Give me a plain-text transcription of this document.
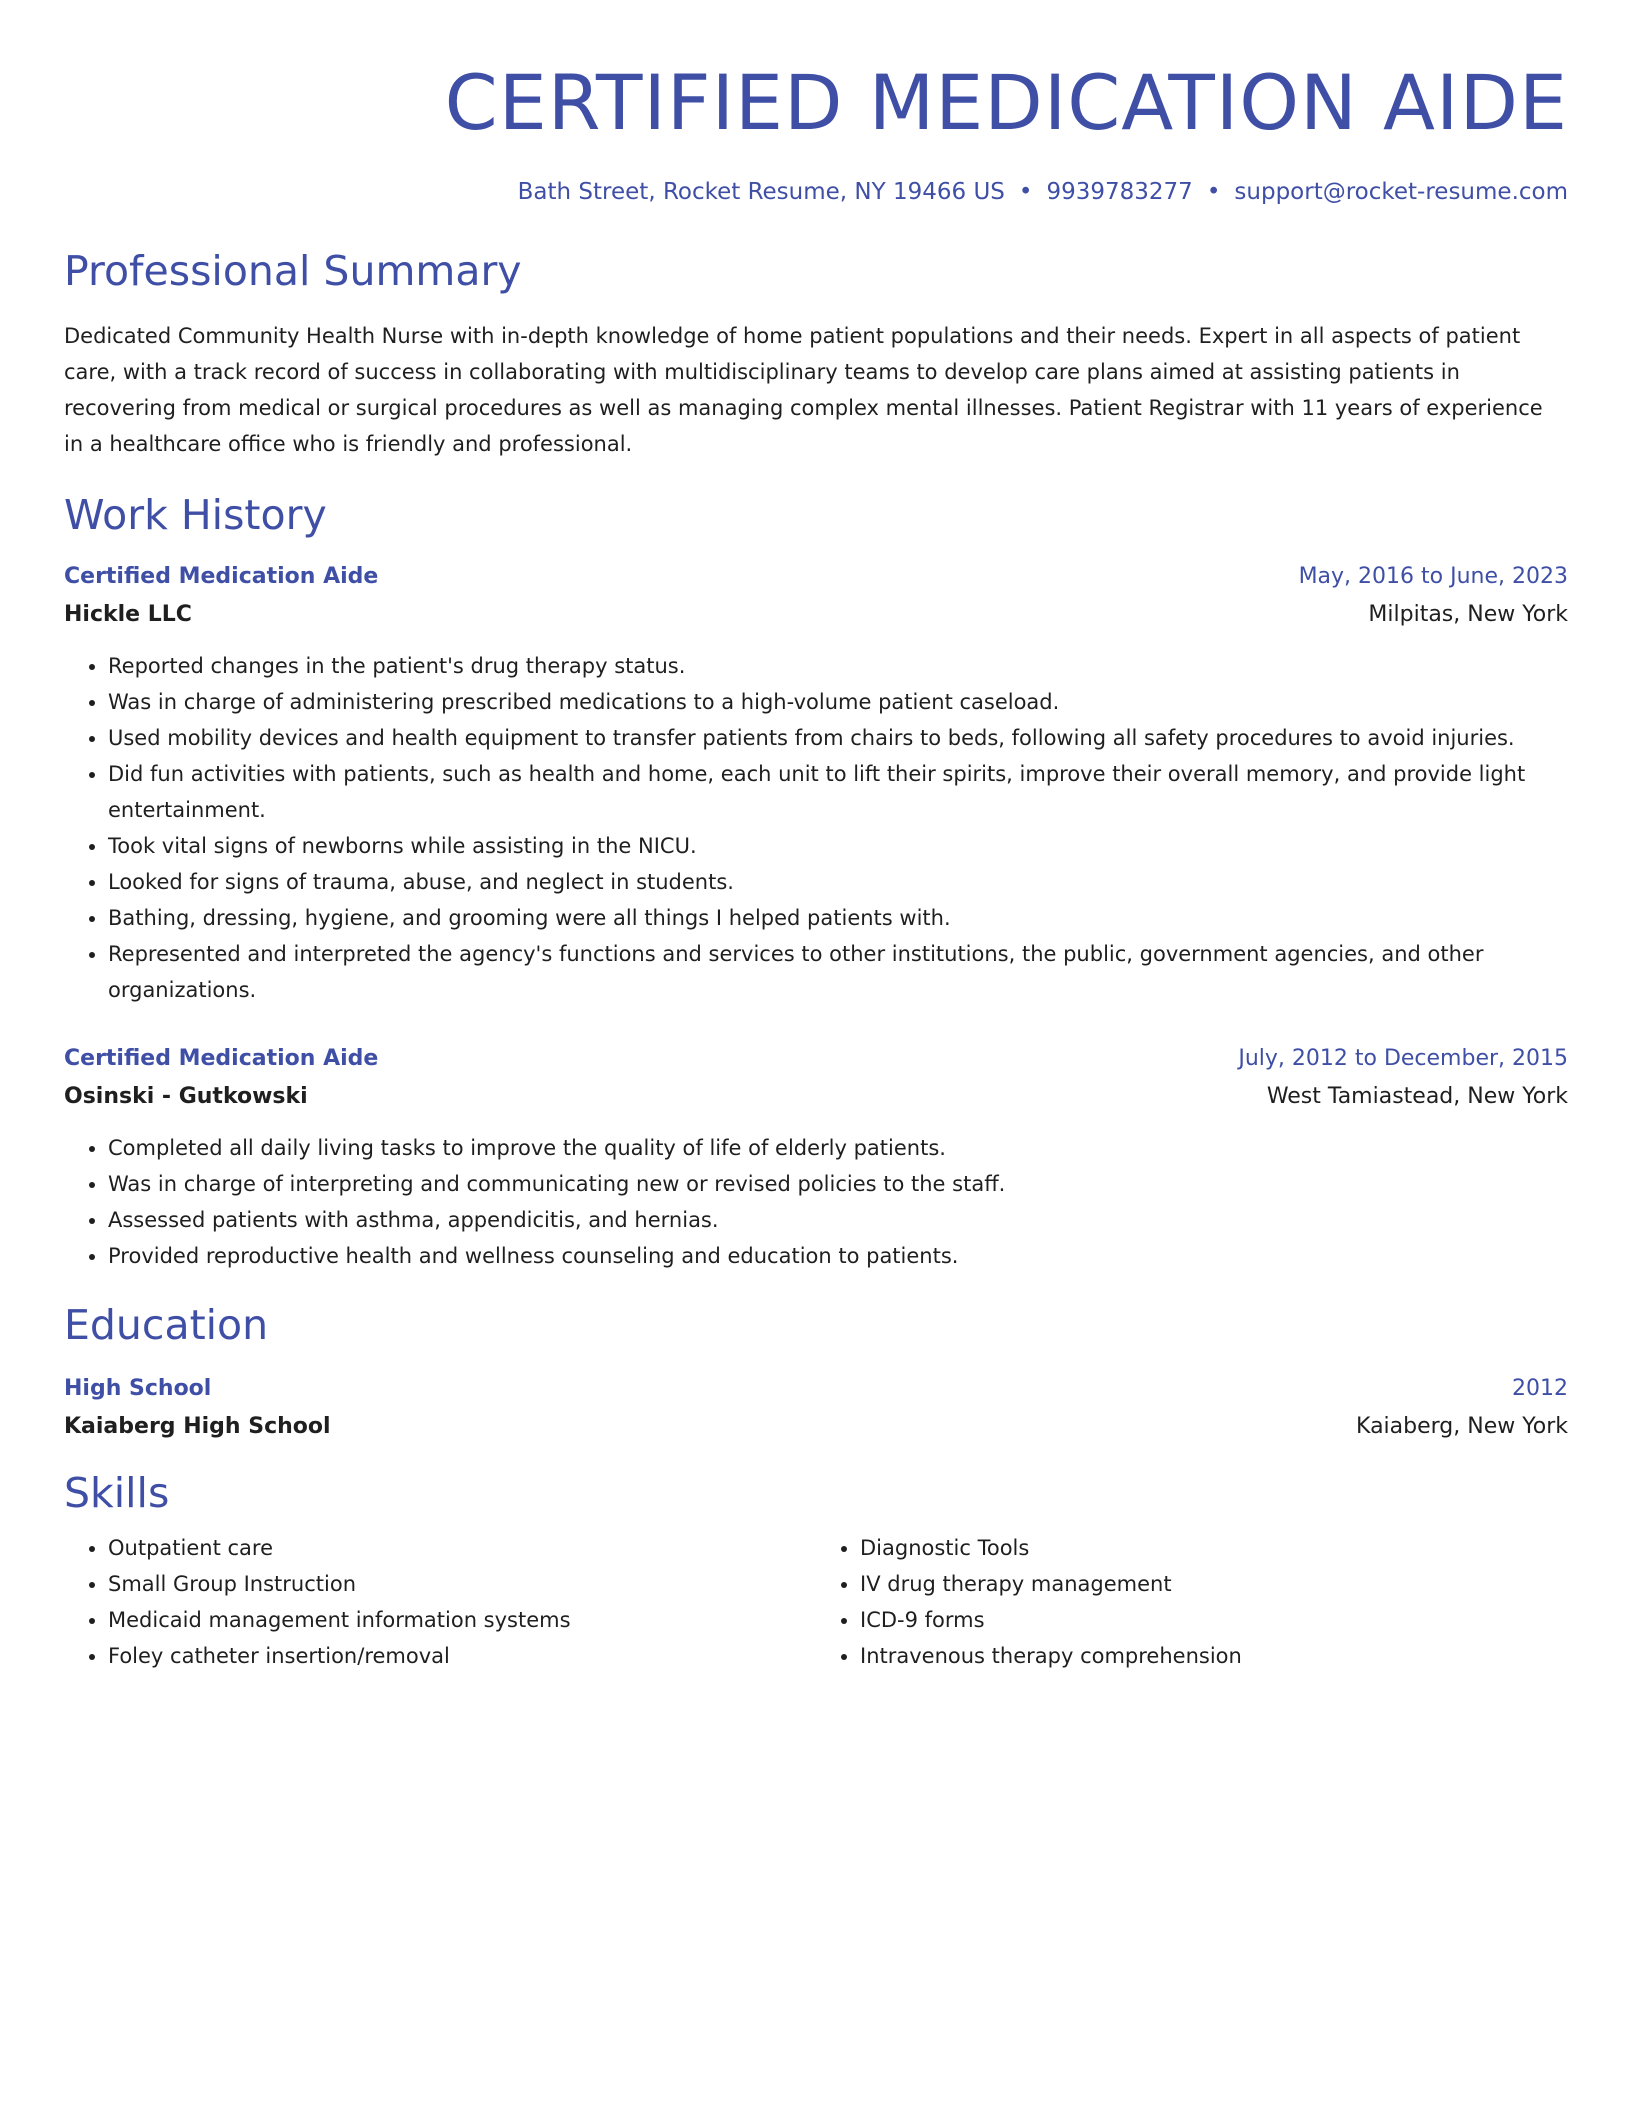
CERTIFIED MEDICATION AIDE
Bath Street, Rocket Resume, NY 19466 US • 9939783277 • support@rocket-resume.com
Professional Summary

Dedicated Community Health Nurse with in-depth knowledge of home patient populations and their needs. Expert in all aspects of patient care, with a track record of success in collaborating with multidisciplinary teams to develop care plans aimed at assisting patients in recovering from medical or surgical procedures as well as managing complex mental illnesses. Patient Registrar with 11 years of experience in a healthcare office who is friendly and professional.

Work History
Certified Medication Aide	May, 2016 to June, 2023
Hickle LLC	Milpitas, New York
• Reported changes in the patient's drug therapy status.
• Was in charge of administering prescribed medications to a high-volume patient caseload.
• Used mobility devices and health equipment to transfer patients from chairs to beds, following all safety procedures to avoid injuries.
• Did fun activities with patients, such as health and home, each unit to lift their spirits, improve their overall memory, and provide light entertainment.
• Took vital signs of newborns while assisting in the NICU.
• Looked for signs of trauma, abuse, and neglect in students.
• Bathing, dressing, hygiene, and grooming were all things I helped patients with.
• Represented and interpreted the agency's functions and services to other institutions, the public, government agencies, and other organizations.
Certified Medication Aide	July, 2012 to December, 2015
Osinski - Gutkowski	West Tamiastead, New York
• Completed all daily living tasks to improve the quality of life of elderly patients.
• Was in charge of interpreting and communicating new or revised policies to the staff.
• Assessed patients with asthma, appendicitis, and hernias.
• Provided reproductive health and wellness counseling and education to patients.
Education
High School	2012
Kaiaberg High School	Kaiaberg, New York
Skills
• Outpatient care
• Small Group Instruction
• Medicaid management information systems
• Foley catheter insertion/removal
• Diagnostic Tools
• IV drug therapy management
• ICD-9 forms
• Intravenous therapy comprehension
